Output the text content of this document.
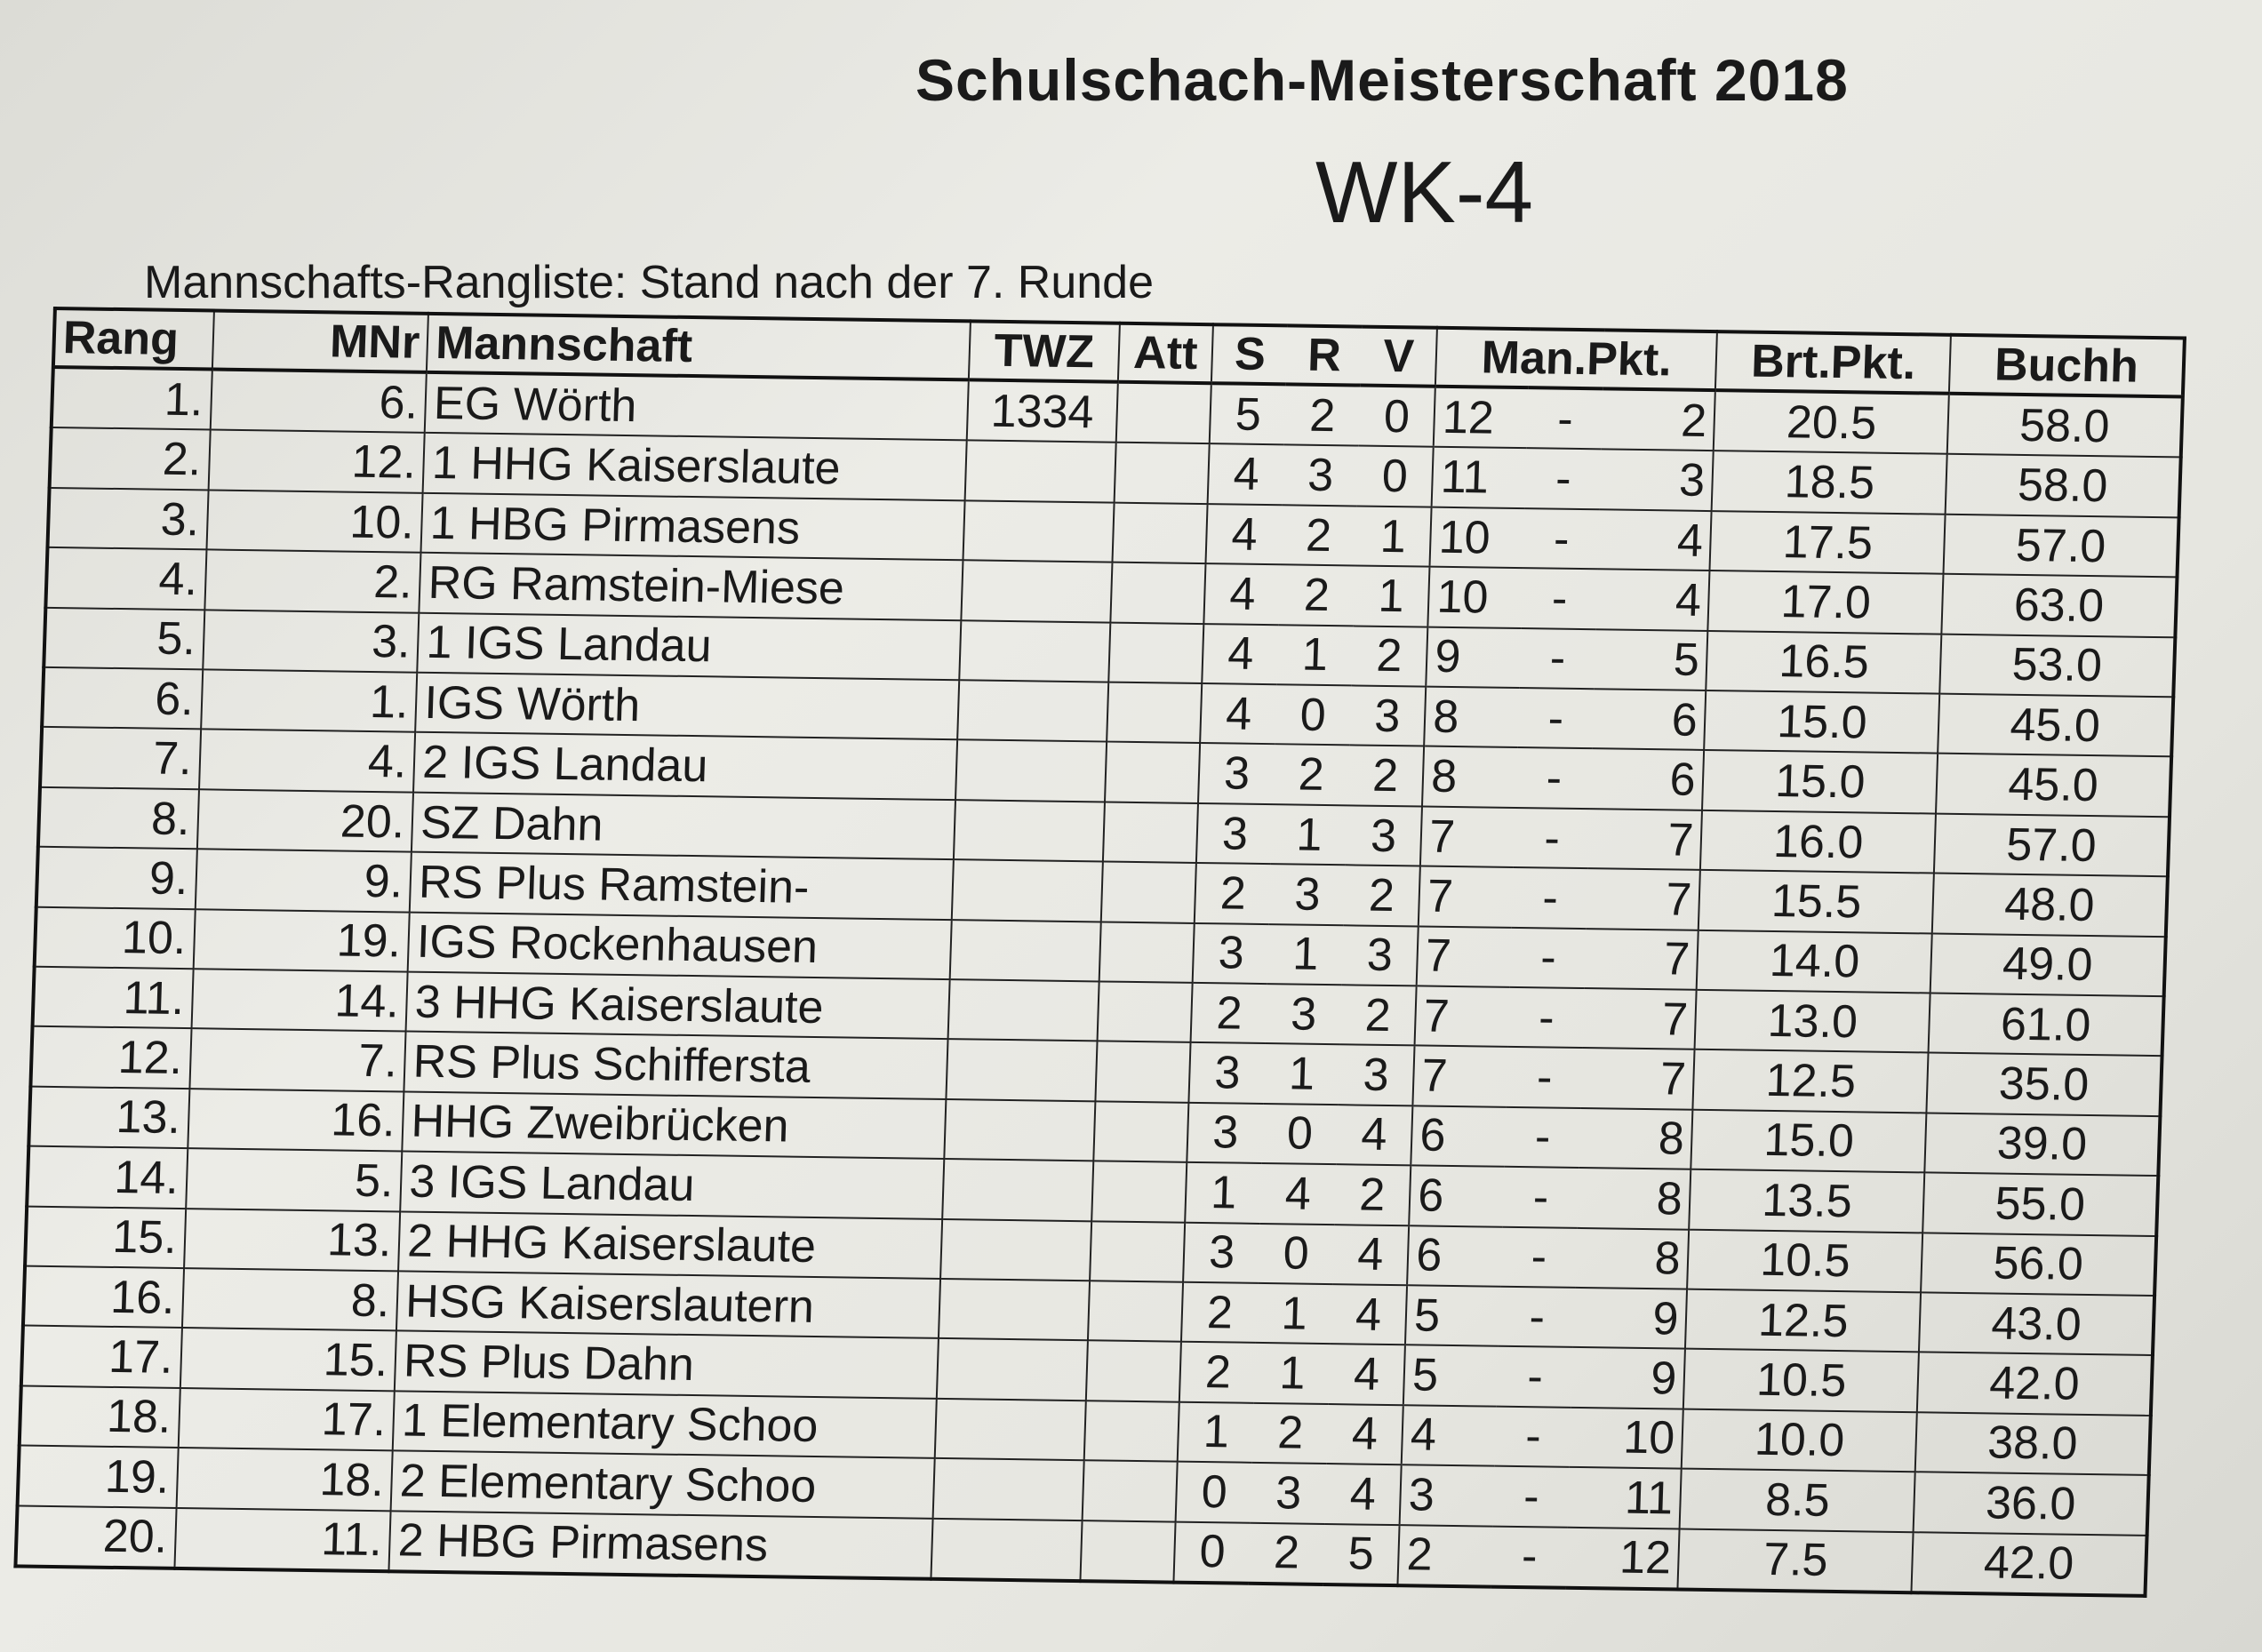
Schulschach-Meisterschaft 2018
WK-4
Mannschafts-Rangliste: Stand nach der 7. Runde
Rang	MNr	Mannschaft	TWZ	Att	S	R	V	Man.Pkt.			Brt.Pkt.	Buchh
1.	6.	EG Wörth	1334		5	2	0	12	-	2	20.5	58.0
2.	12.	1 HHG Kaiserslaute			4	3	0	11	-	3	18.5	58.0
3.	10.	1 HBG Pirmasens			4	2	1	10	-	4	17.5	57.0
4.	2.	RG Ramstein-Miese			4	2	1	10	-	4	17.0	63.0
5.	3.	1 IGS Landau			4	1	2	9	-	5	16.5	53.0
6.	1.	IGS Wörth			4	0	3	8	-	6	15.0	45.0
7.	4.	2 IGS Landau			3	2	2	8	-	6	15.0	45.0
8.	20.	SZ Dahn			3	1	3	7	-	7	16.0	57.0
9.	9.	RS Plus Ramstein-			2	3	2	7	-	7	15.5	48.0
10.	19.	IGS Rockenhausen			3	1	3	7	-	7	14.0	49.0
11.	14.	3 HHG Kaiserslaute			2	3	2	7	-	7	13.0	61.0
12.	7.	RS Plus Schiffersta			3	1	3	7	-	7	12.5	35.0
13.	16.	HHG Zweibrücken			3	0	4	6	-	8	15.0	39.0
14.	5.	3 IGS Landau			1	4	2	6	-	8	13.5	55.0
15.	13.	2 HHG Kaiserslaute			3	0	4	6	-	8	10.5	56.0
16.	8.	HSG Kaiserslautern			2	1	4	5	-	9	12.5	43.0
17.	15.	RS Plus Dahn			2	1	4	5	-	9	10.5	42.0
18.	17.	1 Elementary Schoo			1	2	4	4	-	10	10.0	38.0
19.	18.	2 Elementary Schoo			0	3	4	3	-	11	8.5	36.0
20.	11.	2 HBG Pirmasens			0	2	5	2	-	12	7.5	42.0
